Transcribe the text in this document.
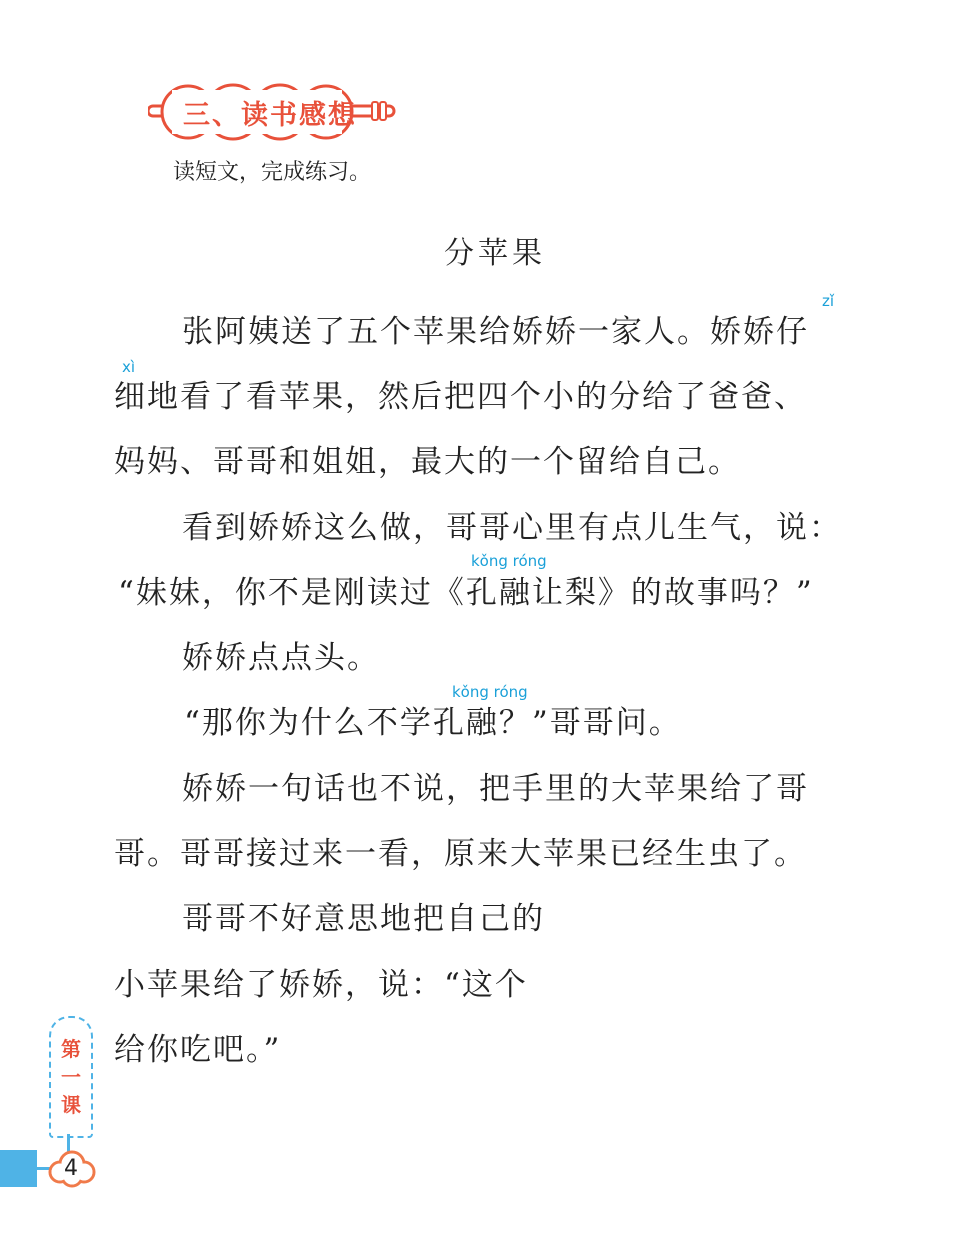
三、读书感想
读短文，完成练习。
分苹果
zǐ
xì
kǒng róng
kǒng róng
张阿姨送了五个苹果给娇娇一家人。娇娇仔
细地看了看苹果，然后把四个小的分给了爸爸、
妈妈、哥哥和姐姐，最大的一个留给自己。
看到娇娇这么做，哥哥心里有点儿生气，说：
“妹妹，你不是刚读过《孔融让梨》的故事吗？”
娇娇点点头。
“那你为什么不学孔融？”哥哥问。
娇娇一句话也不说，把手里的大苹果给了哥
哥。哥哥接过来一看，原来大苹果已经生虫了。
哥哥不好意思地把自己的
小苹果给了娇娇，说：“这个
给你吃吧。”
第
一
课
4
